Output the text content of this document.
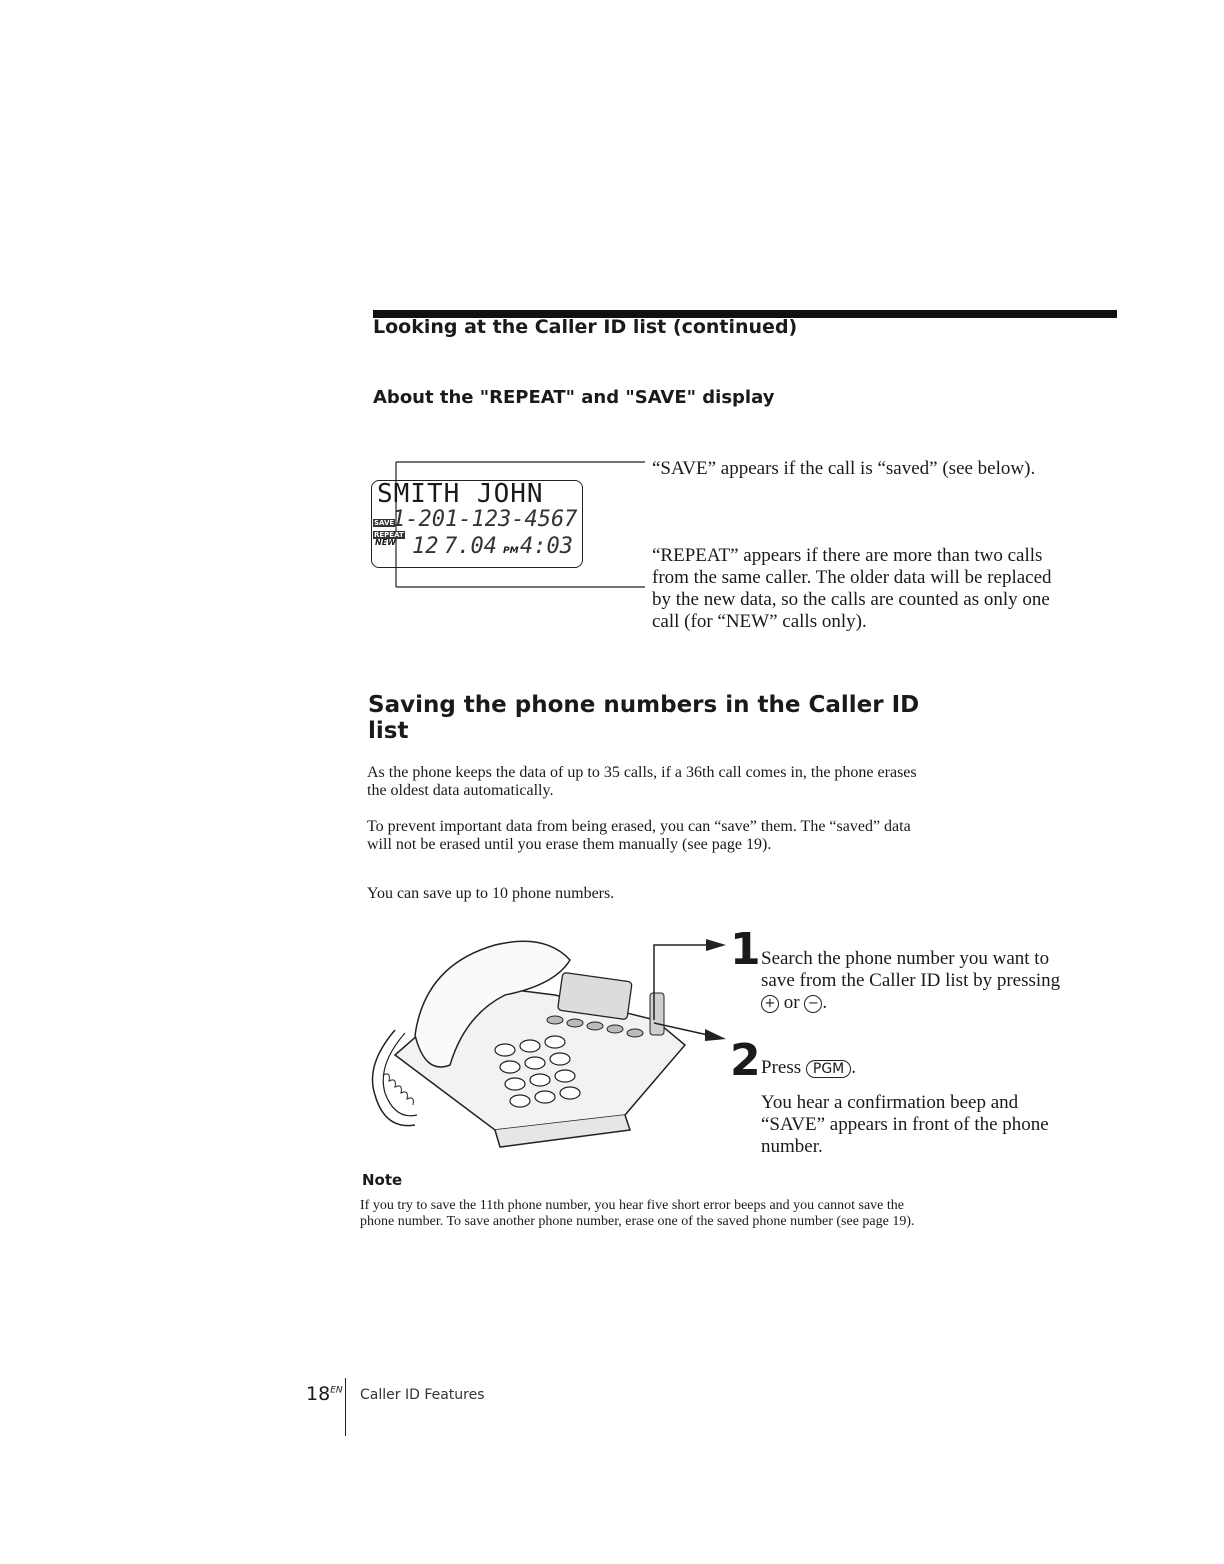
Looking at the Caller ID list (continued)
About the "REPEAT" and "SAVE" display
SMITH JOHN
SAVE
REPEAT
NEW
1-201-123-4567
12 7.04 PM 4:03
“SAVE” appears if the call is “saved” (see below).
“REPEAT” appears if there are more than two calls from the same caller. The older data will be replaced by the new data, so the calls are counted as only one call (for “NEW” calls only).
Saving the phone numbers in the Caller ID list
As the phone keeps the data of up to 35 calls, if a 36th call comes in, the phone erases the oldest data automatically.
To prevent important data from being erased, you can “save” them. The “saved” data will not be erased until you erase them manually (see page 19).
You can save up to 10 phone numbers.
1 Search the phone number you want to save from the Caller ID list by pressing + or − .
2 Press PGM .
You hear a confirmation beep and “SAVE” appears in front of the phone number.
Note
If you try to save the 11th phone number, you hear five short error beeps and you cannot save the phone number. To save another phone number, erase one of the saved phone number (see page 19).
$18^{EN}$ Caller ID Features
